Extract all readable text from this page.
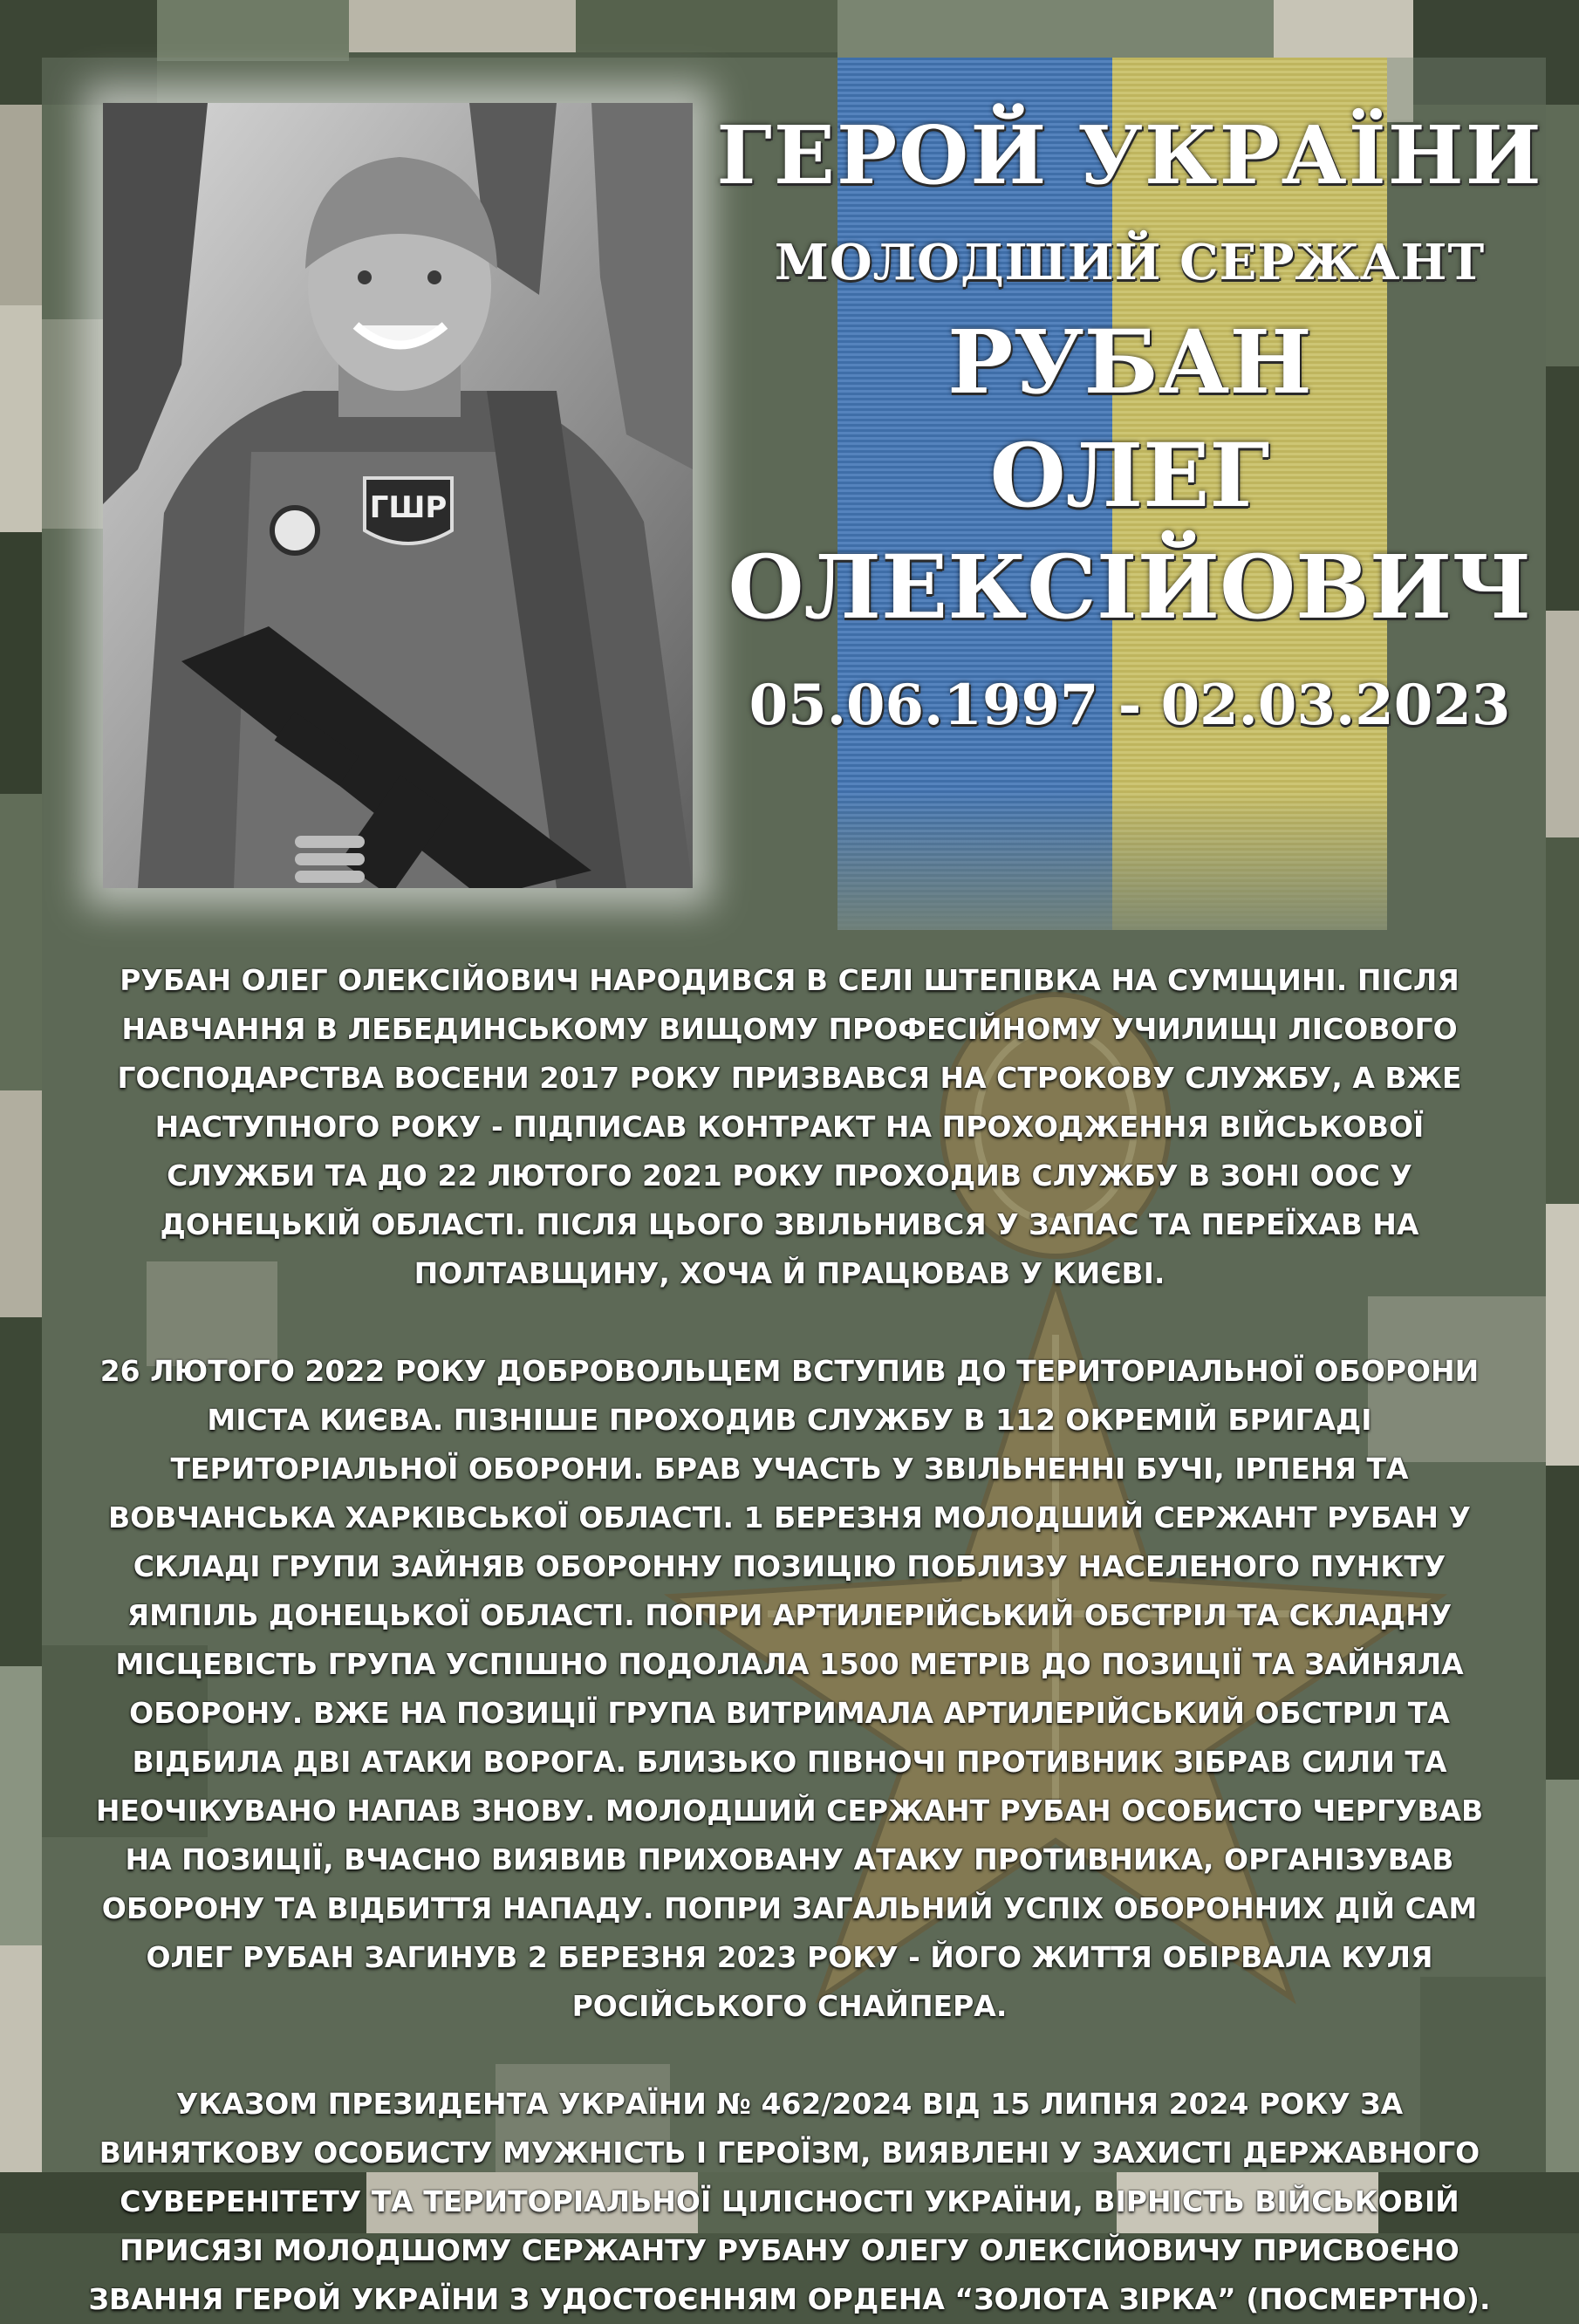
ГШР
ГЕРОЙ УКРАЇНИ
МОЛОДШИЙ СЕРЖАНТ
РУБАН
ОЛЕГ
ОЛЕКСІЙОВИЧ
05.06.1997 - 02.03.2023

РУБАН ОЛЕГ ОЛЕКСІЙОВИЧ НАРОДИВСЯ В СЕЛІ ШТЕПІВКА НА СУМЩИНІ. ПІСЛЯ НАВЧАННЯ В ЛЕБЕДИНСЬКОМУ ВИЩОМУ ПРОФЕСІЙНОМУ УЧИЛИЩІ ЛІСОВОГО ГОСПОДАРСТВА ВОСЕНИ 2017 РОКУ ПРИЗВАВСЯ НА СТРОКОВУ СЛУЖБУ, А ВЖЕ НАСТУПНОГО РОКУ - ПІДПИСАВ КОНТРАКТ НА ПРОХОДЖЕННЯ ВІЙСЬКОВОЇ СЛУЖБИ ТА ДО 22 ЛЮТОГО 2021 РОКУ ПРОХОДИВ СЛУЖБУ В ЗОНІ ООС У ДОНЕЦЬКІЙ ОБЛАСТІ. ПІСЛЯ ЦЬОГО ЗВІЛЬНИВСЯ У ЗАПАС ТА ПЕРЕЇХАВ НА ПОЛТАВЩИНУ, ХОЧА Й ПРАЦЮВАВ У КИЄВІ.

26 ЛЮТОГО 2022 РОКУ ДОБРОВОЛЬЦЕМ ВСТУПИВ ДО ТЕРИТОРІАЛЬНОЇ ОБОРОНИ МІСТА КИЄВА. ПІЗНІШЕ ПРОХОДИВ СЛУЖБУ В 112 ОКРЕМІЙ БРИГАДІ ТЕРИТОРІАЛЬНОЇ ОБОРОНИ. БРАВ УЧАСТЬ У ЗВІЛЬНЕННІ БУЧІ, ІРПЕНЯ ТА ВОВЧАНСЬКА ХАРКІВСЬКОЇ ОБЛАСТІ. 1 БЕРЕЗНЯ МОЛОДШИЙ СЕРЖАНТ РУБАН У СКЛАДІ ГРУПИ ЗАЙНЯВ ОБОРОННУ ПОЗИЦІЮ ПОБЛИЗУ НАСЕЛЕНОГО ПУНКТУ ЯМПІЛЬ ДОНЕЦЬКОЇ ОБЛАСТІ. ПОПРИ АРТИЛЕРІЙСЬКИЙ ОБСТРІЛ ТА СКЛАДНУ МІСЦЕВІСТЬ ГРУПА УСПІШНО ПОДОЛАЛА 1500 МЕТРІВ ДО ПОЗИЦІЇ ТА ЗАЙНЯЛА ОБОРОНУ. ВЖЕ НА ПОЗИЦІЇ ГРУПА ВИТРИМАЛА АРТИЛЕРІЙСЬКИЙ ОБСТРІЛ ТА ВІДБИЛА ДВІ АТАКИ ВОРОГА. БЛИЗЬКО ПІВНОЧІ ПРОТИВНИК ЗІБРАВ СИЛИ ТА НЕОЧІКУВАНО НАПАВ ЗНОВУ. МОЛОДШИЙ СЕРЖАНТ РУБАН ОСОБИСТО ЧЕРГУВАВ НА ПОЗИЦІЇ, ВЧАСНО ВИЯВИВ ПРИХОВАНУ АТАКУ ПРОТИВНИКА, ОРГАНІЗУВАВ ОБОРОНУ ТА ВІДБИТТЯ НАПАДУ. ПОПРИ ЗАГАЛЬНИЙ УСПІХ ОБОРОННИХ ДІЙ САМ ОЛЕГ РУБАН ЗАГИНУВ 2 БЕРЕЗНЯ 2023 РОКУ - ЙОГО ЖИТТЯ ОБІРВАЛА КУЛЯ РОСІЙСЬКОГО СНАЙПЕРА.

УКАЗОМ ПРЕЗИДЕНТА УКРАЇНИ № 462/2024 ВІД 15 ЛИПНЯ 2024 РОКУ ЗА ВИНЯТКОВУ ОСОБИСТУ МУЖНІСТЬ І ГЕРОЇЗМ, ВИЯВЛЕНІ У ЗАХИСТІ ДЕРЖАВНОГО СУВЕРЕНІТЕТУ ТА ТЕРИТОРІАЛЬНОЇ ЦІЛІСНОСТІ УКРАЇНИ, ВІРНІСТЬ ВІЙСЬКОВІЙ ПРИСЯЗІ МОЛОДШОМУ СЕРЖАНТУ РУБАНУ ОЛЕГУ ОЛЕКСІЙОВИЧУ ПРИСВОЄНО ЗВАННЯ ГЕРОЙ УКРАЇНИ З УДОСТОЄННЯМ ОРДЕНА “ЗОЛОТА ЗІРКА” (ПОСМЕРТНО).
